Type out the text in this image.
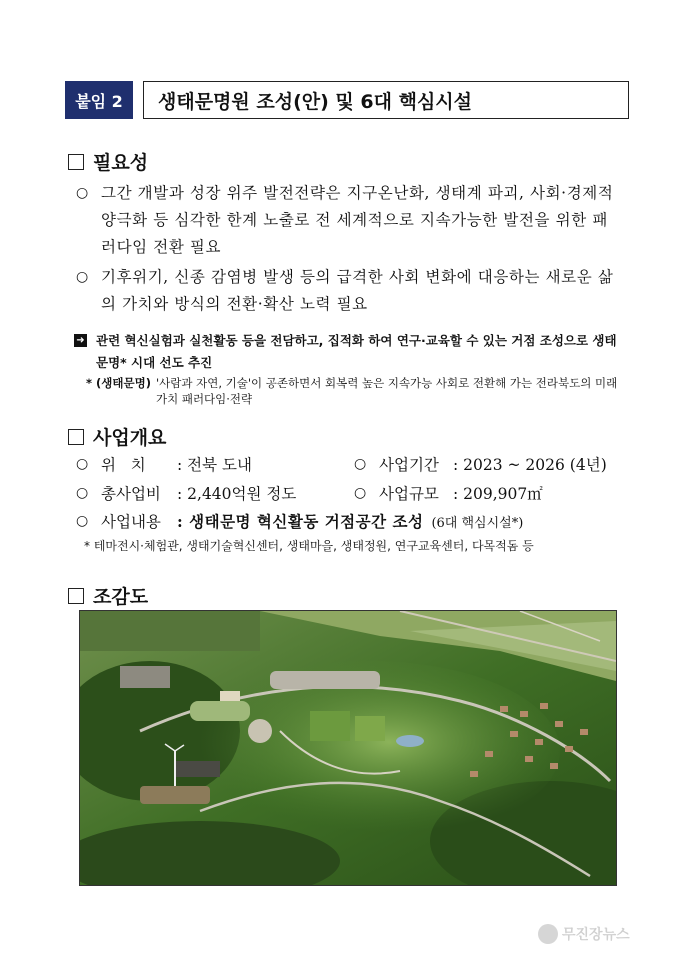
붙임 2	생태문명원 조성(안) 및 6대 핵심시설
필요성
○ 그간 개발과 성장 위주 발전전략은 지구온난화, 생태계 파괴, 사회·경제적 양극화 등 심각한 한계 노출로 전 세계적으로 지속가능한 발전을 위한 패러다임 전환 필요
○ 기후위기, 신종 감염병 발생 등의 급격한 사회 변화에 대응하는 새로운 삶의 가치와 방식의 전환·확산 노력 필요
➜ 관련 혁신실험과 실천활동 등을 전담하고, 집적화 하여 연구·교육할 수 있는 거점 조성으로 생태문명* 시대 선도 추진
* (생태문명) '사람과 자연, 기술'이 공존하면서 회복력 높은 지속가능 사회로 전환해 가는 전라북도의 미래가치 패러다임·전략
사업개요
○ 위   치	: 전북 도내	○ 사업기간 : 2023 ~ 2026 (4년)
○ 총사업비	: 2,440억원 정도	○ 사업규모 : 209,907㎡
○ 사업내용	: 생태문명 혁신활동 거점공간 조성 (6대 핵심시설*)
* 테마전시·체험관, 생태기술혁신센터, 생태마을, 생태정원, 연구교육센터, 다목적돔 등
조감도
무진장뉴스
